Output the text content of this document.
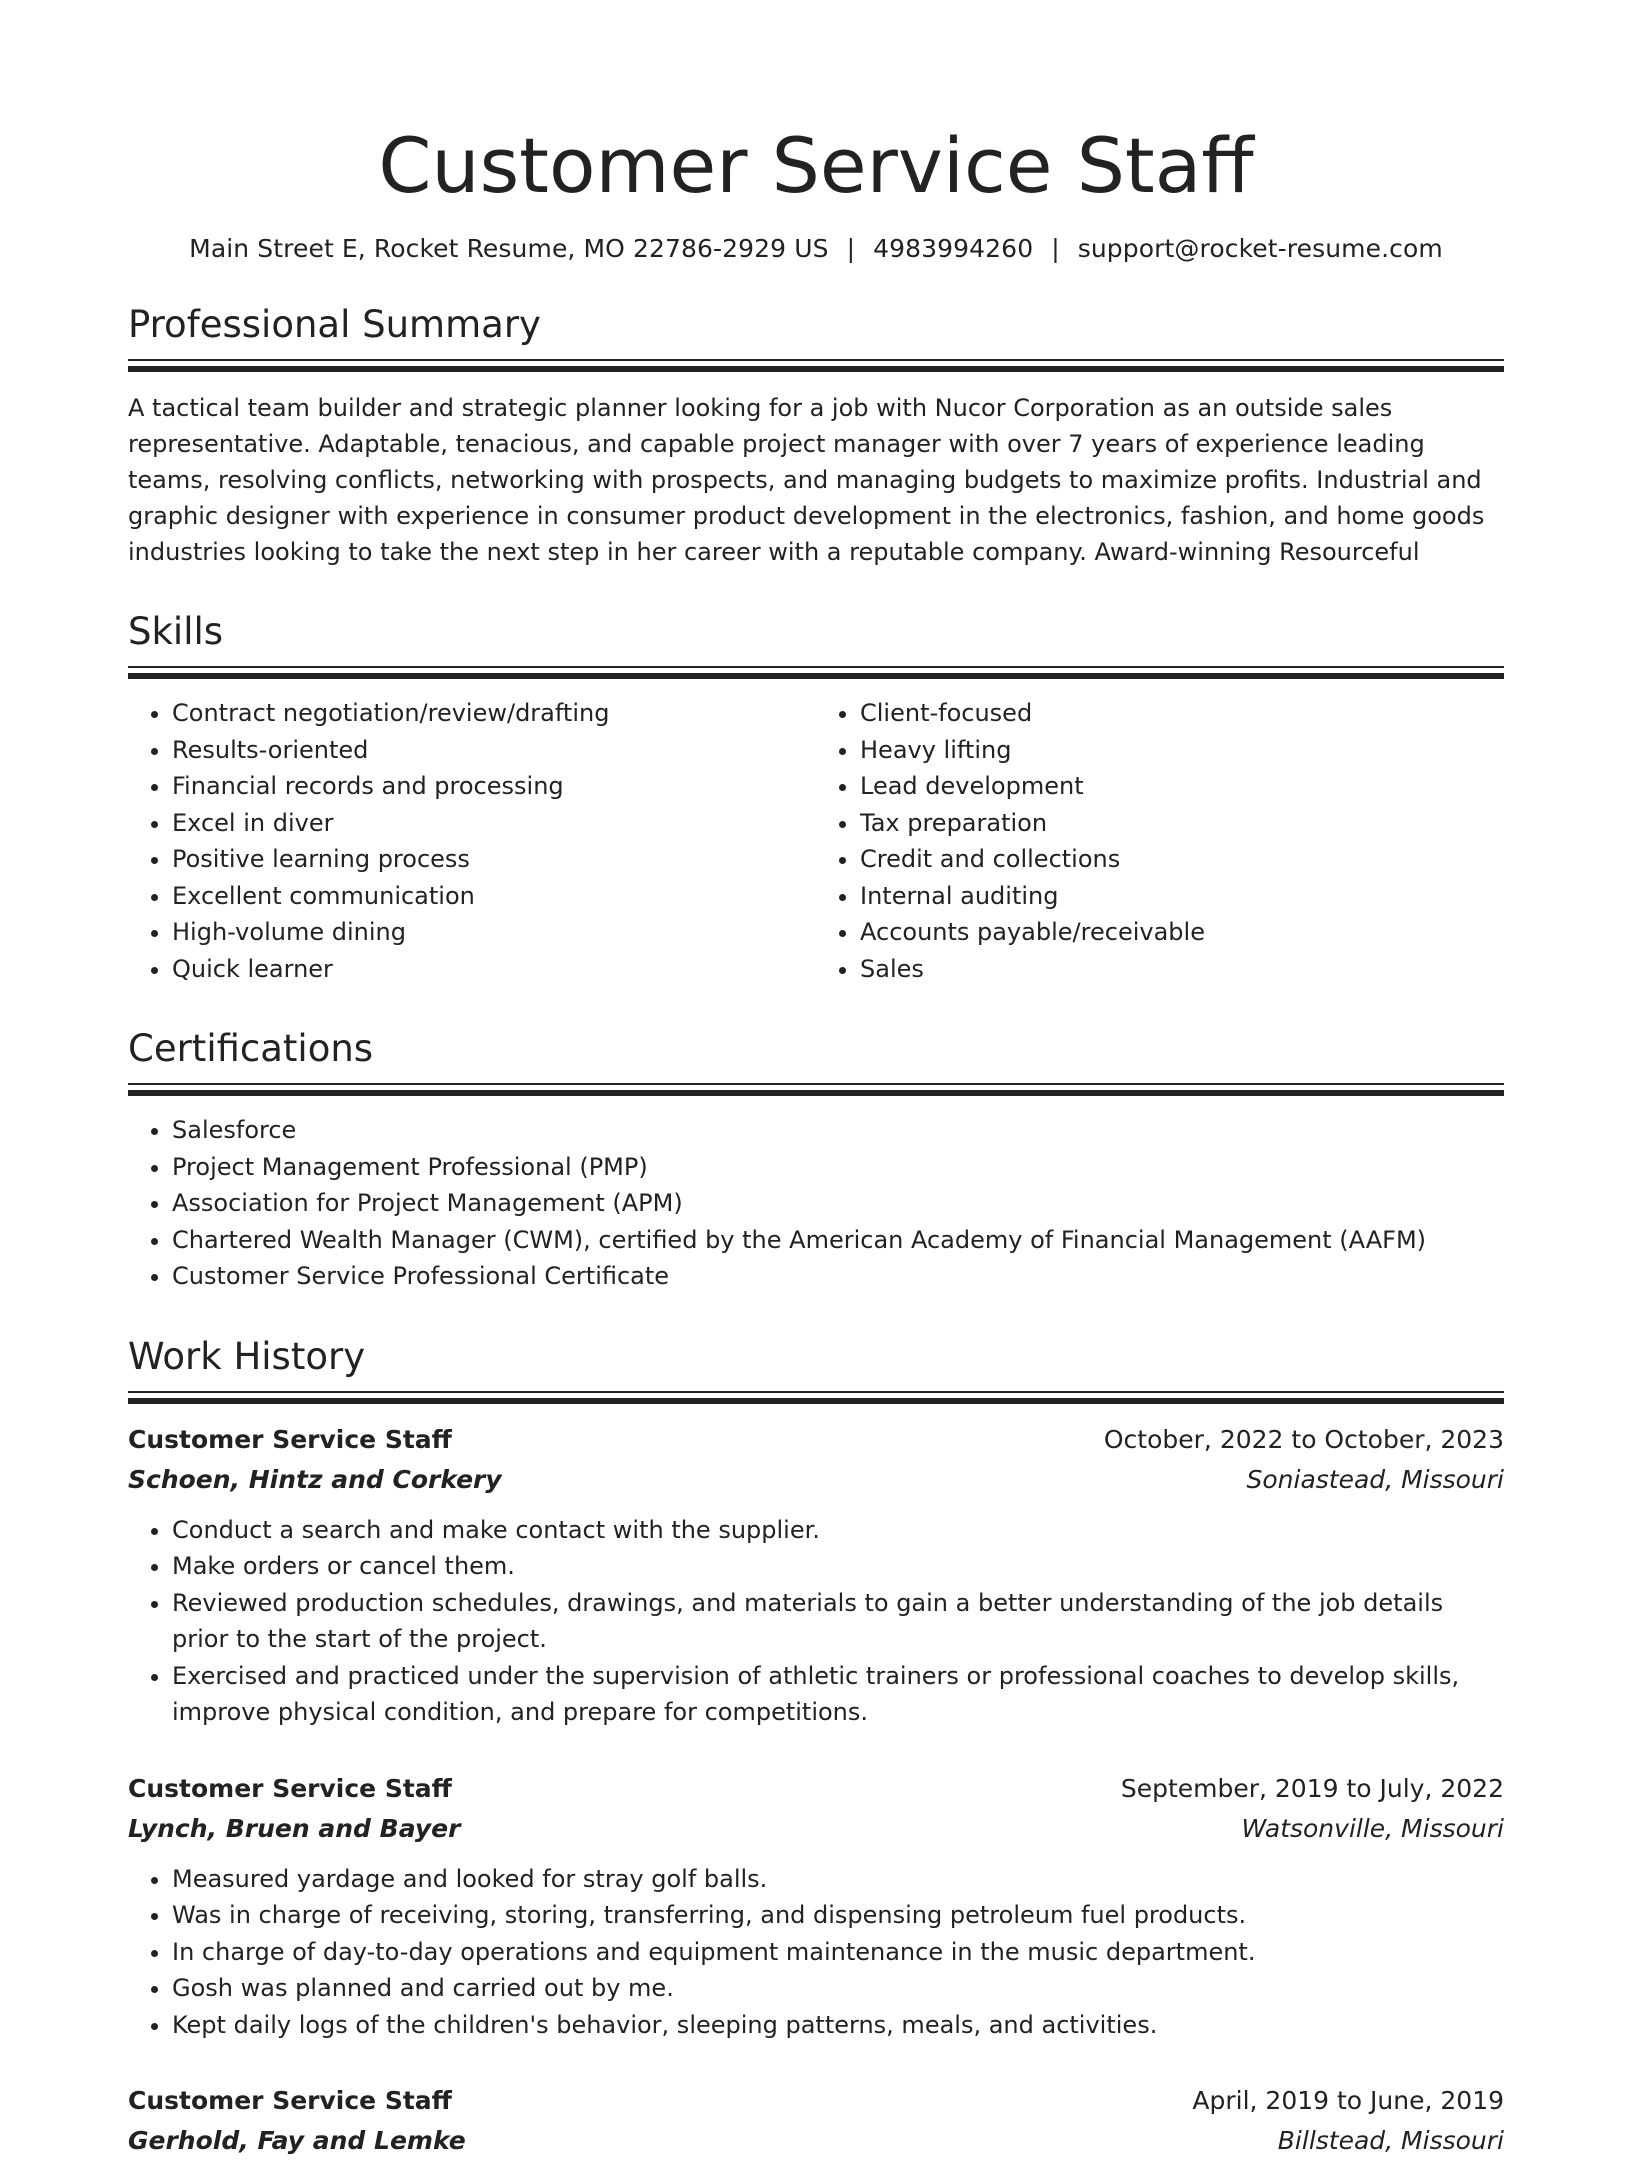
Customer Service Staff
Main Street E, Rocket Resume, MO 22786-2929 US | 4983994260 | support@rocket-resume.com
Professional Summary
A tactical team builder and strategic planner looking for a job with Nucor Corporation as an outside sales representative. Adaptable, tenacious, and capable project manager with over 7 years of experience leading teams, resolving conflicts, networking with prospects, and managing budgets to maximize profits. Industrial and graphic designer with experience in consumer product development in the electronics, fashion, and home goods industries looking to take the next step in her career with a reputable company. Award-winning Resourceful
Skills
• Contract negotiation/review/drafting
• Results-oriented
• Financial records and processing
• Excel in diver
• Positive learning process
• Excellent communication
• High-volume dining
• Quick learner
• Client-focused
• Heavy lifting
• Lead development
• Tax preparation
• Credit and collections
• Internal auditing
• Accounts payable/receivable
• Sales
Certifications
• Salesforce
• Project Management Professional (PMP)
• Association for Project Management (APM)
• Chartered Wealth Manager (CWM), certified by the American Academy of Financial Management (AAFM)
• Customer Service Professional Certificate
Work History
Customer Service Staff	October, 2022 to October, 2023
Schoen, Hintz and Corkery	Soniastead, Missouri
• Conduct a search and make contact with the supplier.
• Make orders or cancel them.
• Reviewed production schedules, drawings, and materials to gain a better understanding of the job details prior to the start of the project.
• Exercised and practiced under the supervision of athletic trainers or professional coaches to develop skills, improve physical condition, and prepare for competitions.
Customer Service Staff	September, 2019 to July, 2022
Lynch, Bruen and Bayer	Watsonville, Missouri
• Measured yardage and looked for stray golf balls.
• Was in charge of receiving, storing, transferring, and dispensing petroleum fuel products.
• In charge of day-to-day operations and equipment maintenance in the music department.
• Gosh was planned and carried out by me.
• Kept daily logs of the children's behavior, sleeping patterns, meals, and activities.
Customer Service Staff	April, 2019 to June, 2019
Gerhold, Fay and Lemke	Billstead, Missouri
